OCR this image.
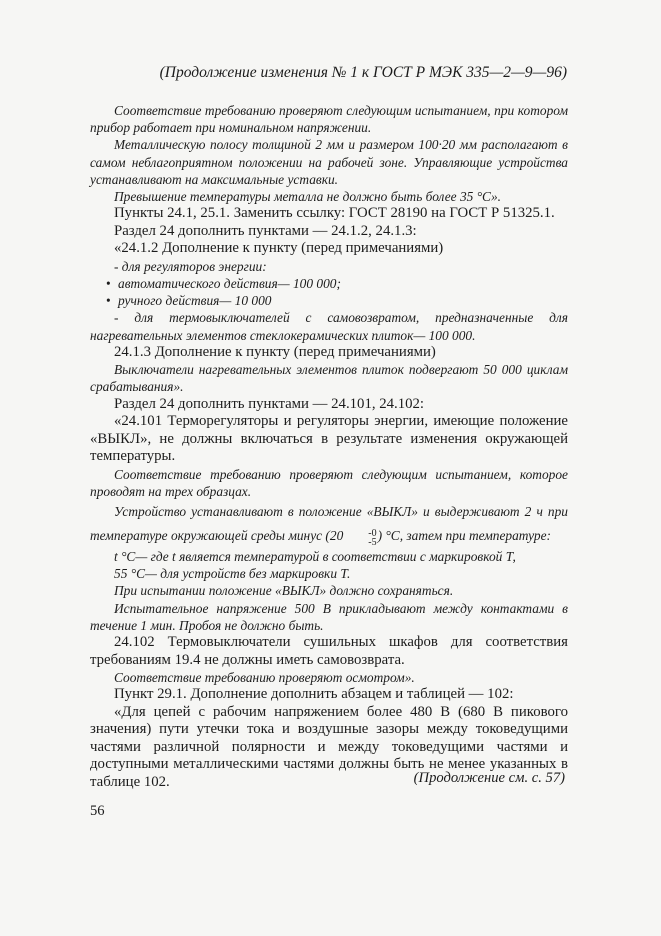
(Продолжение изменения № 1 к ГОСТ Р МЭК 335—2—9—96)

Соответствие требованию проверяют следующим испытанием, при котором прибор работает при номинальном напряжении.

Металлическую полосу толщиной 2 мм и размером 100·20 мм располагают в самом неблагоприятном положении на рабочей зоне. Управляющие устройства устанавливают на максимальные уставки.

Превышение температуры металла не должно быть более 35 °С».

Пункты 24.1, 25.1. Заменить ссылку: ГОСТ 28190 на ГОСТ Р 51325.1.

Раздел 24 дополнить пунктами — 24.1.2, 24.1.3:

«24.1.2 Дополнение к пункту (перед примечаниями)

- для регуляторов энергии:

• автоматического действия— 100 000;

• ручного действия— 10 000

- для термовыключателей с самовозвратом, предназначенные для нагревательных элементов стеклокерамических плиток— 100 000.

24.1.3 Дополнение к пункту (перед примечаниями)

Выключатели нагревательных элементов плиток подвергают 50 000 циклам срабатывания».

Раздел 24 дополнить пунктами — 24.101, 24.102:

«24.101 Терморегуляторы и регуляторы энергии, имеющие положение «ВЫКЛ», не должны включаться в результате изменения окружающей температуры.

Соответствие требованию проверяют следующим испытанием, которое проводят на трех образцах.

Устройство устанавливают в положение «ВЫКЛ» и выдерживают 2 ч при температуре окружающей среды минус (20	-0
-5 ) °С, затем при температуре:

t °С— где t является температурой в соответствии с маркировкой Т,

55 °С— для устройств без маркировки Т.

При испытании положение «ВЫКЛ» должно сохраняться.

Испытательное напряжение 500 В прикладывают между контактами в течение 1 мин. Пробоя не должно быть.

24.102 Термовыключатели сушильных шкафов для соответствия требованиям 19.4 не должны иметь самовозврата.

Соответствие требованию проверяют осмотром».

Пункт 29.1. Дополнение дополнить абзацем и таблицей — 102:

«Для цепей с рабочим напряжением более 480 В (680 В пикового значения) пути утечки тока и воздушные зазоры между токоведущими частями различной полярности и между токоведущими частями и доступными металлическими частями должны быть не менее указанных в таблице 102.	(Продолжение см. с. 57)
56
